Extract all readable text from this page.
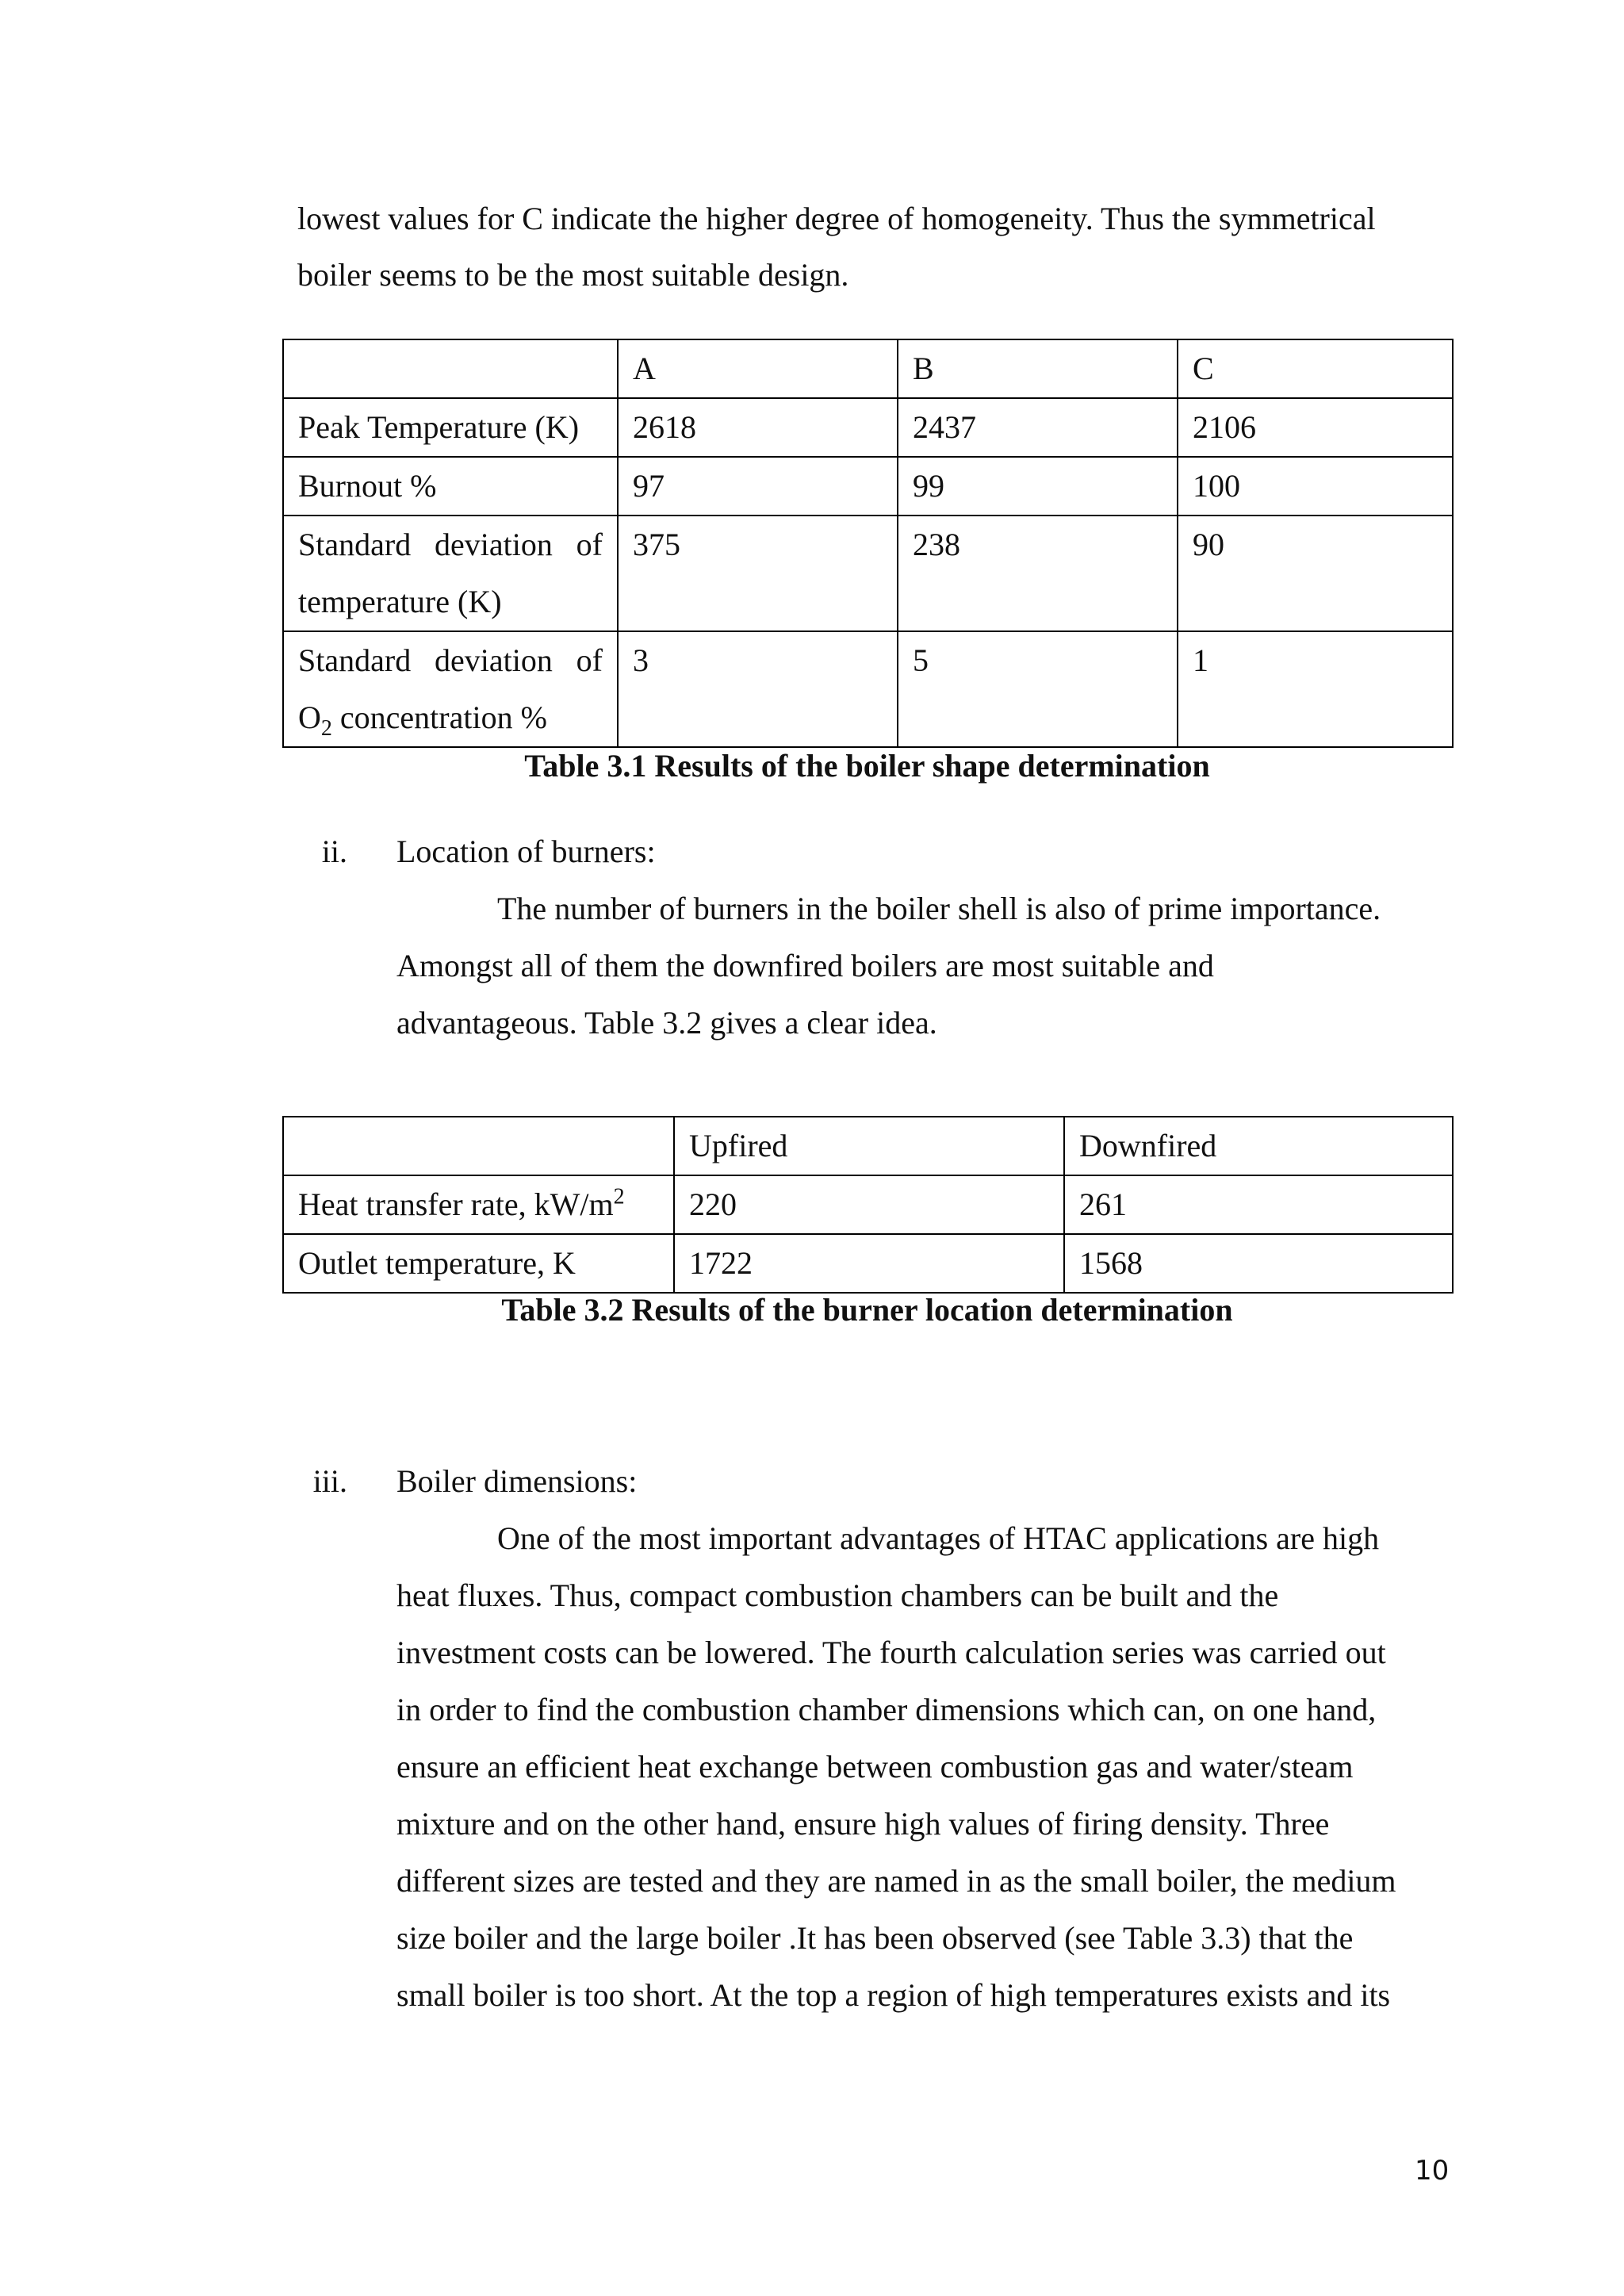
lowest values for C indicate the higher degree of homogeneity. Thus the symmetrical
boiler seems to be the most suitable design.
	A	B	C
Peak Temperature (K)	2618	2437	2106
Burnout %	97	99	100

Standard deviation of
temperature (K)	375	238	90

Standard deviation of
$O_2$ concentration %	3	5	1
Table 3.1 Results of the boiler shape determination
ii. Location of burners:
The number of burners in the boiler shell is also of prime importance.
Amongst all of them the downfired boilers are most suitable and
advantageous. Table 3.2 gives a clear idea.
	Upfired	Downfired
Heat transfer rate, $kW/m^2$	220	261
Outlet temperature, K	1722	1568
Table 3.2 Results of the burner location determination
iii. Boiler dimensions:
One of the most important advantages of HTAC applications are high
heat fluxes. Thus, compact combustion chambers can be built and the
investment costs can be lowered. The fourth calculation series was carried out
in order to find the combustion chamber dimensions which can, on one hand,
ensure an efficient heat exchange between combustion gas and water/steam
mixture and on the other hand, ensure high values of firing density. Three
different sizes are tested and they are named in as the small boiler, the medium
size boiler and the large boiler .It has been observed (see Table 3.3) that the
small boiler is too short. At the top a region of high temperatures exists and its
10
